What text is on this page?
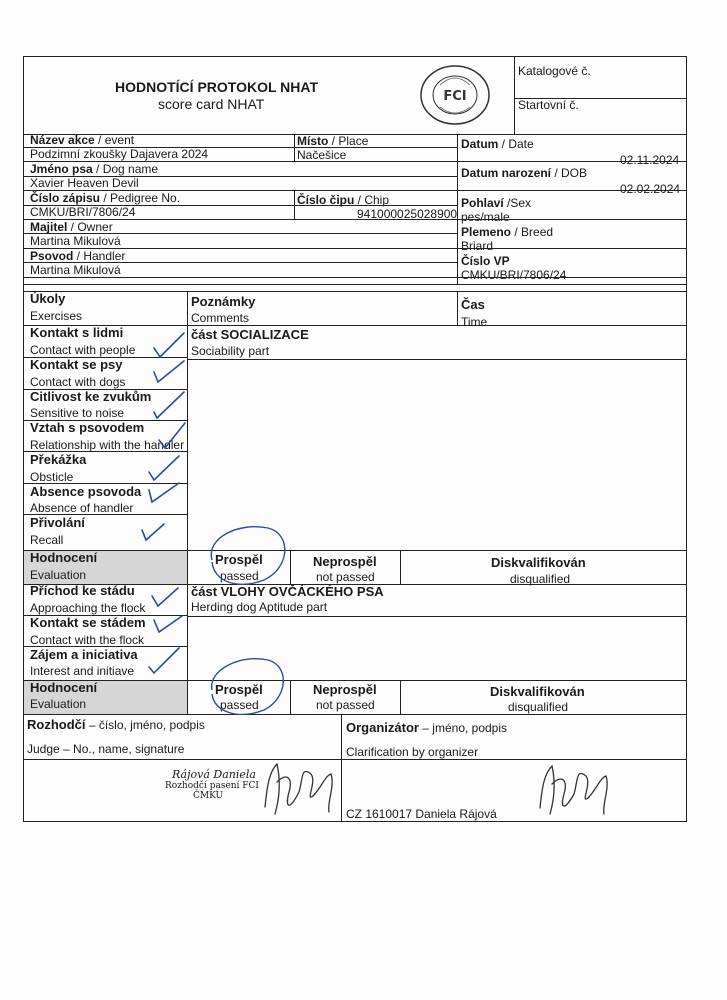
HODNOTÍCÍ PROTOKOL NHAT
score card NHAT	FCI
Katalogové č.
Startovní č.
Název akce / event
Podzimní zkoušky Dajavera 2024
Místo / Place
Načešice
Datum / Date
02.11.2024
Jméno psa / Dog name
Xavier Heaven Devil
Datum narození / DOB
02.02.2024
Číslo zápisu / Pedigree No.
CMKU/BRI/7806/24
Číslo čipu / Chip
941000025028900
Pohlaví /Sex
pes/male
Majitel / Owner
Martina Mikulová
Plemeno / Breed
Briard
Psovod / Handler
Martina Mikulová
Číslo VP
CMKU/BRI/7806/24
Úkoly
Exercises
Poznámky
Comments
Čas
Time
část SOCIALIZACE
Sociability part
Kontakt s lidmi
Contact with people
Kontakt se psy
Contact with dogs
Citlivost ke zvukům
Sensitive to noise
Vztah s psovodem
Relationship with the handler
Překážka
Obsticle
Absence psovoda
Absence of handler
Přivolání
Recall
Hodnocení
Evaluation
Prospěl
passed
Neprospěl
not passed
Diskvalifikován
disqualified
část VLOHY OVČÁCKÉHO PSA
Herding dog Aptitude part
Příchod ke stádu
Approaching the flock
Kontakt se stádem
Contact with the flock
Zájem a iniciativa
Interest and initiave
Hodnocení
Evaluation
Prospěl
passed
Neprospěl
not passed
Diskvalifikován
disqualified
Rozhodčí – číslo, jméno, podpis
Judge – No., name, signature
Organizátor – jméno, podpis
Clarification by organizer
Rájová Daniela
Rozhodčí pasení FCI
ČMKU
CZ 1610017 Daniela Rájová
